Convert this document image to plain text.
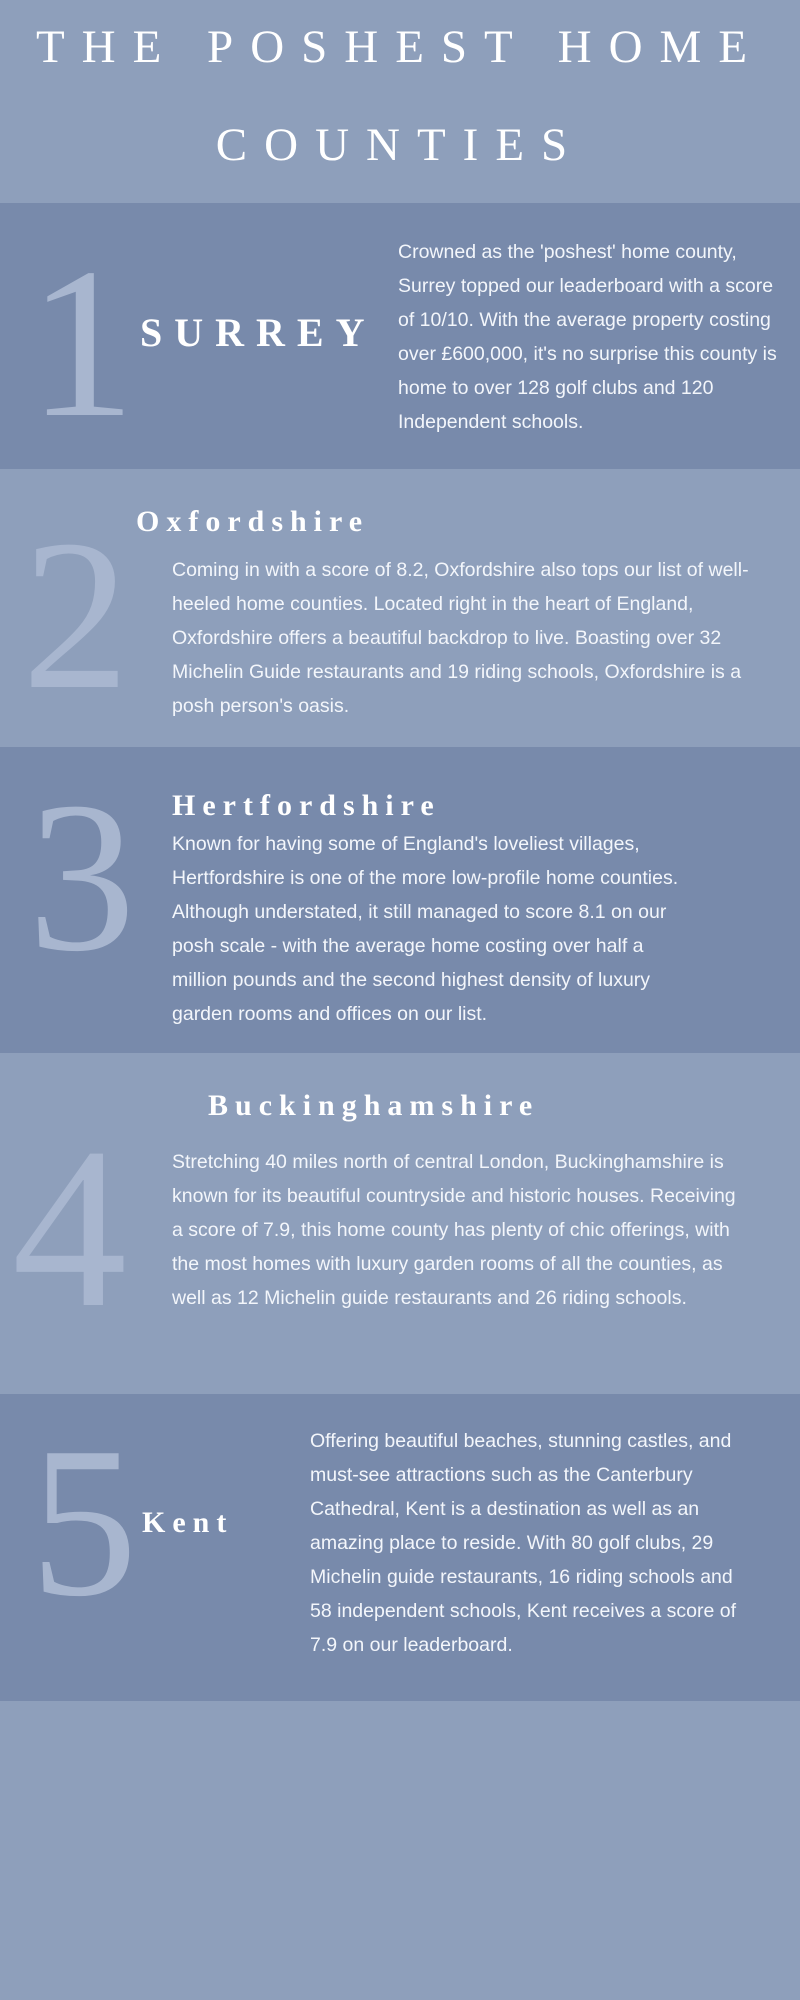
THE POSHEST HOME
COUNTIES
1 SURREY
Crowned as the 'poshest' home county, Surrey topped our leaderboard with a score of 10/10. With the average property costing over £600,000, it's no surprise this county is home to over 128 golf clubs and 120 Independent schools.
2 Oxfordshire
Coming in with a score of 8.2, Oxfordshire also tops our list of well-heeled home counties. Located right in the heart of England, Oxfordshire offers a beautiful backdrop to live. Boasting over 32 Michelin Guide restaurants and 19 riding schools, Oxfordshire is a posh person's oasis.
3 Hertfordshire
Known for having some of England's loveliest villages, Hertfordshire is one of the more low-profile home counties. Although understated, it still managed to score 8.1 on our posh scale - with the average home costing over half a million pounds and the second highest density of luxury garden rooms and offices on our list.
4	Buckinghamshire
Stretching 40 miles north of central London, Buckinghamshire is known for its beautiful countryside and historic houses. Receiving a score of 7.9, this home county has plenty of chic offerings, with the most homes with luxury garden rooms of all the counties, as well as 12 Michelin guide restaurants and 26 riding schools.
5 Kent
Offering beautiful beaches, stunning castles, and must-see attractions such as the Canterbury Cathedral, Kent is a destination as well as an amazing place to reside. With 80 golf clubs, 29 Michelin guide restaurants, 16 riding schools and 58 independent schools, Kent receives a score of 7.9 on our leaderboard.
